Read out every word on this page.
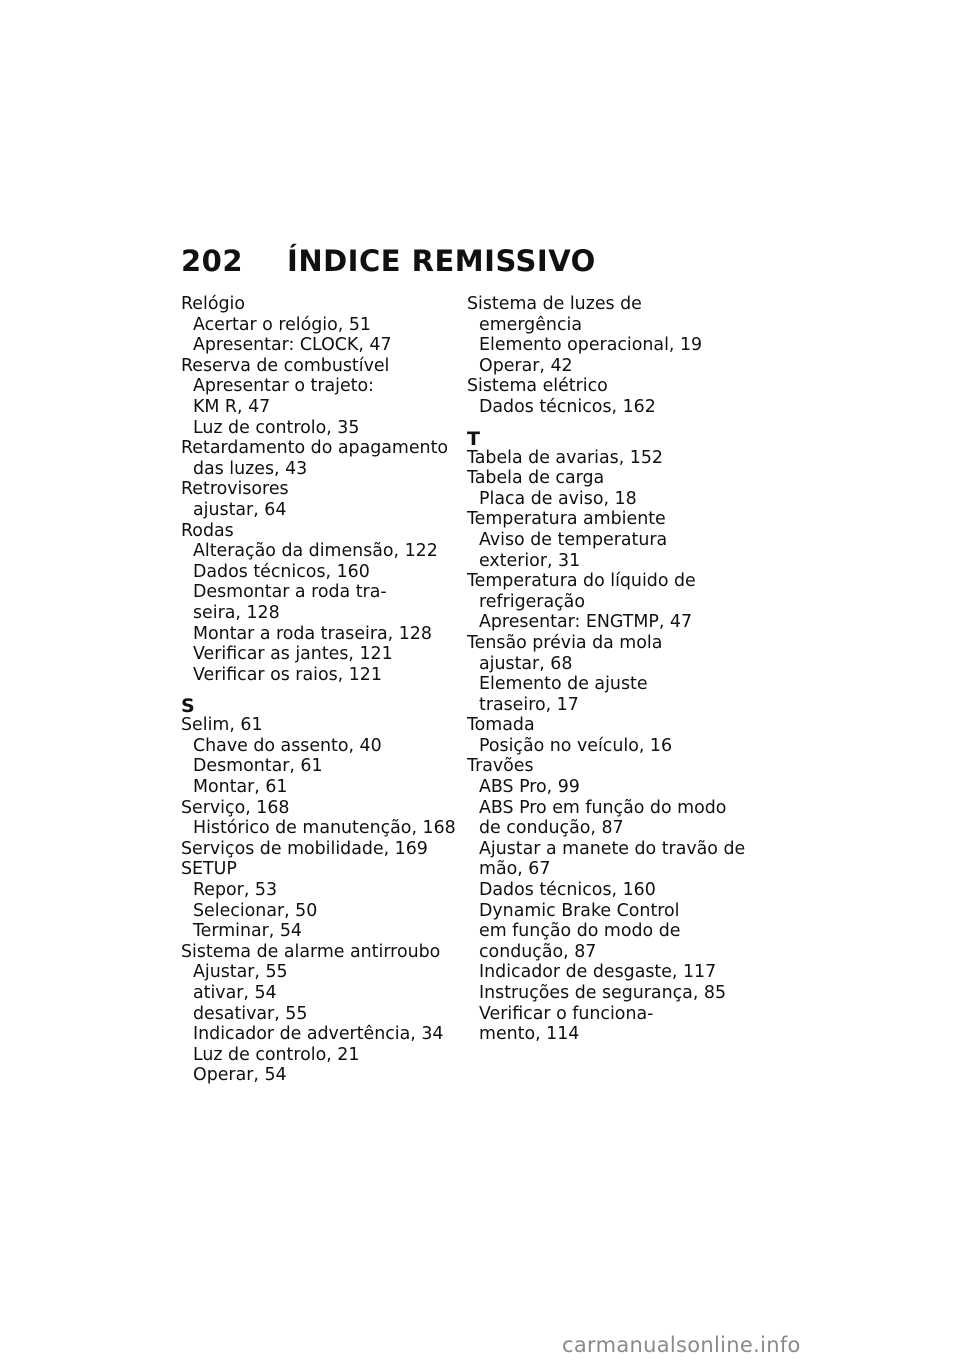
202 ÍNDICE REMISSIVO
Relógio
Acertar o relógio, 51
Apresentar: CLOCK, 47
Reserva de combustível
Apresentar o trajeto:
KM R, 47
Luz de controlo, 35
Retardamento do apagamento
das luzes, 43
Retrovisores
ajustar, 64
Rodas
Alteração da dimensão, 122
Dados técnicos, 160
Desmontar a roda tra-
seira, 128
Montar a roda traseira, 128
Verificar as jantes, 121
Verificar os raios, 121
S
Selim, 61
Chave do assento, 40
Desmontar, 61
Montar, 61
Serviço, 168
Histórico de manutenção, 168
Serviços de mobilidade, 169
SETUP
Repor, 53
Selecionar, 50
Terminar, 54
Sistema de alarme antirroubo
Ajustar, 55
ativar, 54
desativar, 55
Indicador de advertência, 34
Luz de controlo, 21
Operar, 54
Sistema de luzes de
emergência
Elemento operacional, 19
Operar, 42
Sistema elétrico
Dados técnicos, 162
T
Tabela de avarias, 152
Tabela de carga
Placa de aviso, 18
Temperatura ambiente
Aviso de temperatura
exterior, 31
Temperatura do líquido de
refrigeração
Apresentar: ENGTMP, 47
Tensão prévia da mola
ajustar, 68
Elemento de ajuste
traseiro, 17
Tomada
Posição no veículo, 16
Travões
ABS Pro, 99
ABS Pro em função do modo
de condução, 87
Ajustar a manete do travão de
mão, 67
Dados técnicos, 160
Dynamic Brake Control
em função do modo de
condução, 87
Indicador de desgaste, 117
Instruções de segurança, 85
Verificar o funciona-
mento, 114
carmanualsonline.info
